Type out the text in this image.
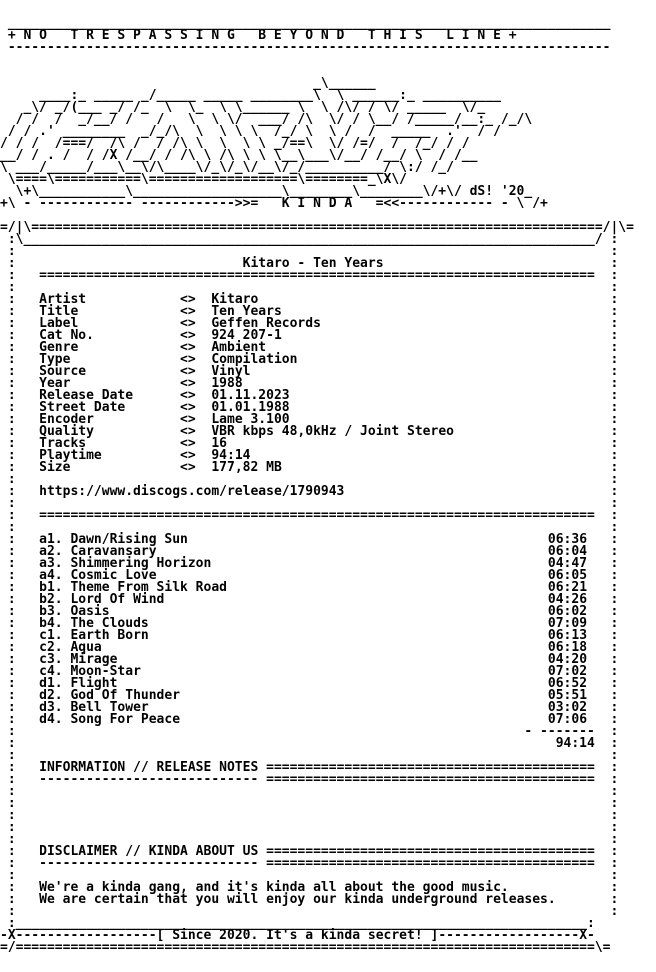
_____________________________________________________________________________
+ N O   T R E S P A S S I N G   B E Y O N D   T H I S   L I N E +
-----------------------------------------------------------------------------

_\______
____:_ _____ _/_____ _____ ________\  \ ______:_ __________
_\/ _/(___ _/ /_  \  \_  \ \______ \  \ /\/ / \/ _____  \/_
/ /  /  _/__/ /   /   \  \ \/  ___/ /\  \/ / \__/ /_____/__:_ /_/\
/ / .' ________  _/_/\  \  \ \ \  /_/ \  \ /  /  _____  .'  / /
/ / /  /===/  /\ /  / /\ \  \  \ \ _/==\  \/ /=/  /  /_/ / /
__/ / . /  / /X /__/ / /\ \ /\ \ \ \__\___\/__/ /__/ \  / /__
\ ___/_____/___\__\/\____\/_\/_\/__\/_/__________/ \:/ /_/
\====\===========\===================\========_\X\/
\+\___________\___________________\________\________\/+\/ dS! '20_
+\ - ------------ ------------>>=   K I N D A   =<<------------ - \ /+

=/|\=========================================================================/|\=
:\_________________________________________________________________________/ :
:                                                                            :
:	Kitaro - Ten Years                             :
:   =======================================================================  :
:                                                                            :
:   Artist            <> Kitaro                                             :
:   Title             <> Ten Years                                          :
:   Label             <> Geffen Records                                     :
:   Cat No.           <> 924 207-1                                          :
:   Genre             <> Ambient                                            :
:   Type              <> Compilation                                        :
:   Source            <> Vinyl                                              :
:   Year              <> 1988                                               :
:   Release Date      <> 01.11.2023                                         :
:   Street Date       <> 01.01.1988                                         :
:   Encoder           <> Lame 3.100                                         :
:   Quality           <> VBR kbps 48,0kHz / Joint Stereo                    :
:   Tracks            <> 16                                                 :
:   Playtime          <> 94:14                                              :
:   Size              <> 177,82 MB                                          :
:                                                                            :
:   https://www.discogs.com/release/1790943                                  :
:                                                                            :
:   =======================================================================  :
:                                                                            :
:   a1. Dawn/Rising Sun                                              06:36   :
:   a2. Caravansary                                                  06:04   :
:   a3. Shimmering Horizon                                           04:47   :
:   a4. Cosmic Love                                                  06:05   :
:   b1. Theme From Silk Road                                         06:21   :
:   b2. Lord Of Wind                                                 04:26   :
:   b3. Oasis                                                        06:02   :
:   b4. The Clouds                                                   07:09   :
:   c1. Earth Born                                                   06:13   :
:   c2. Aqua                                                         06:18   :
:   c3. Mirage                                                       04:20   :
:   c4. Moon-Star                                                    07:02   :
:   d1. Flight                                                       06:52   :
:   d2. God Of Thunder                                               05:51   :
:   d3. Bell Tower                                                   03:02   :
:   d4. Song For Peace                                               07:06   :
:                                                                 - -------  :
:                                                                     94:14  :
:                                                                            :
:   INFORMATION // RELEASE NOTES ==========================================  :
:   ---------------------------- ==========================================  :
:                                                                            :
:                                                                            :
:                                                                            :
:                                                                            :
:                                                                            :
:   DISCLAIMER // KINDA ABOUT US ==========================================  :
:   ---------------------------- ==========================================  :
:                                                                            :
:   We're a kinda gang, and it's kinda all about the good music.             :
:   We are certain that you will enjoy our kinda underground releases.       :
:                                                                            :
:_________________________________________________________________________:
-X------------------[ Since 2020. It's a kinda secret! ]------------------X-
=/==========================================================================\=
